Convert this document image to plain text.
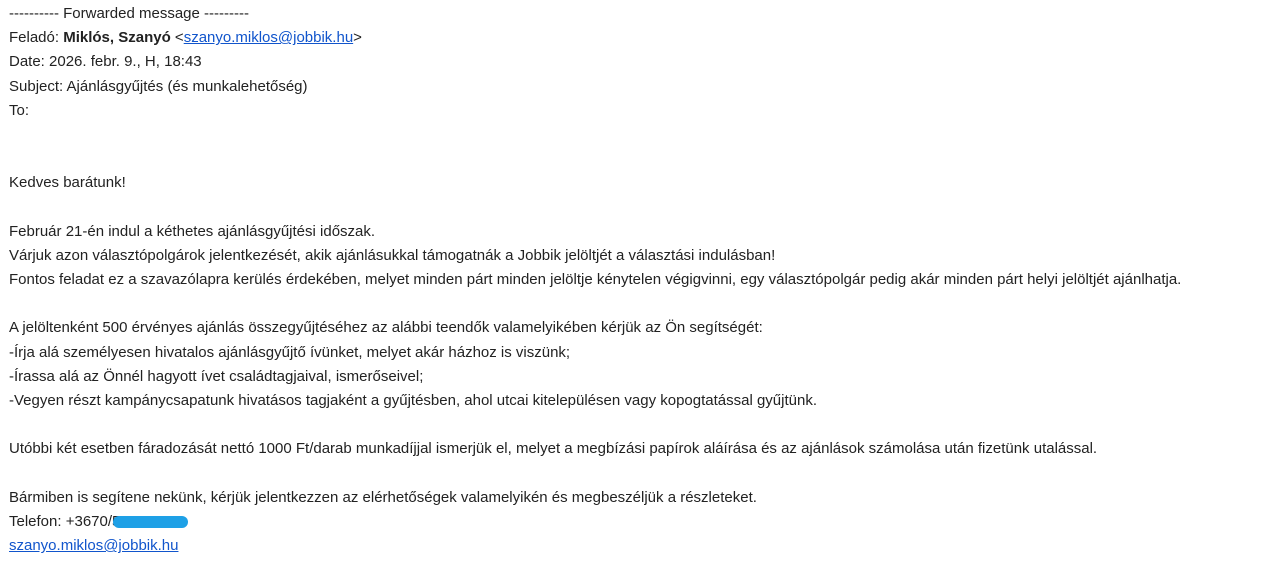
---------- Forwarded message ---------
Feladó: Miklós, Szanyó <szanyo.miklos@jobbik.hu>
Date: 2026. febr. 9., H, 18:43
Subject: Ajánlásgyűjtés (és munkalehetőség)
To:
Kedves barátunk!
Február 21-én indul a kéthetes ajánlásgyűjtési időszak.
Várjuk azon választópolgárok jelentkezését, akik ajánlásukkal támogatnák a Jobbik jelöltjét a választási indulásban!
Fontos feladat ez a szavazólapra kerülés érdekében, melyet minden párt minden jelöltje kénytelen végigvinni, egy választópolgár pedig akár minden párt helyi jelöltjét ajánlhatja.
A jelöltenként 500 érvényes ajánlás összegyűjtéséhez az alábbi teendők valamelyikében kérjük az Ön segítségét:
-Írja alá személyesen hivatalos ajánlásgyűjtő ívünket, melyet akár házhoz is viszünk;
-Írassa alá az Önnél hagyott ívet családtagjaival, ismerőseivel;
-Vegyen részt kampánycsapatunk hivatásos tagjaként a gyűjtésben, ahol utcai kitelepülésen vagy kopogtatással gyűjtünk.
Utóbbi két esetben fáradozását nettó 1000 Ft/darab munkadíjjal ismerjük el, melyet a megbízási papírok aláírása és az ajánlások számolása után fizetünk utalással.
Bármiben is segítene nekünk, kérjük jelentkezzen az elérhetőségek valamelyikén és megbeszéljük a részleteket.
Telefon: +3670/
szanyo.miklos@jobbik.hu
